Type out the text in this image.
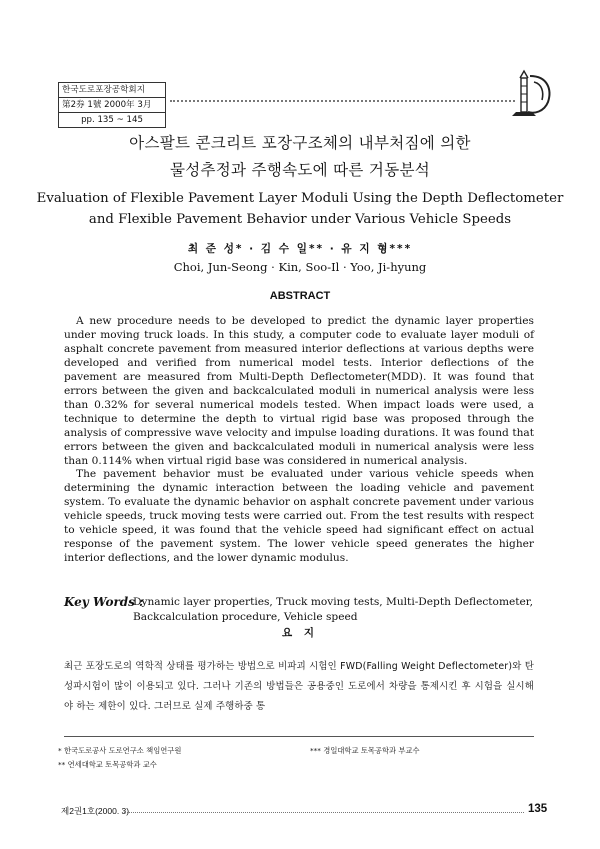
한국도로포장공학회지
第2券 1號 2000年 3月
pp. 135 ~ 145
아스팔트 콘크리트 포장구조체의 내부처짐에 의한
물성추정과 주행속도에 따른 거동분석
Evaluation of Flexible Pavement Layer Moduli Using the Depth Deflectometer
and Flexible Pavement Behavior under Various Vehicle Speeds
최 준 성* · 김 수 일** · 유 지 형***
Choi, Jun-Seong · Kin, Soo-Il · Yoo, Ji-hyung
ABSTRACT

A new procedure needs to be developed to predict the dynamic layer properties under moving truck loads. In this study, a computer code to evaluate layer moduli of asphalt concrete pavement from measured interior deflections at various depths were developed and verified from numerical model tests. Interior deflections of the pavement are measured from Multi-Depth Deflectometer(MDD). It was found that errors between the given and backcalculated moduli in numerical analysis were less than 0.32% for several numerical models tested. When impact loads were used, a technique to determine the depth to virtual rigid base was proposed through the analysis of compressive wave velocity and impulse loading durations. It was found that errors between the given and backcalculated moduli in numerical analysis were less than 0.114% when virtual rigid base was considered in numerical analysis.

The pavement behavior must be evaluated under various vehicle speeds when determining the dynamic interaction between the loading vehicle and pavement system. To evaluate the dynamic behavior on asphalt concrete pavement under various vehicle speeds, truck moving tests were carried out. From the test results with respect to vehicle speed, it was found that the vehicle speed had significant effect on actual response of the pavement system. The lower vehicle speed generates the higher interior deflections, and the lower dynamic modulus.

Key Words :
Dynamic layer properties, Truck moving tests, Multi-Depth Deflectometer, Backcalculation procedure, Vehicle speed
요 지
최근 포장도로의 역학적 상태를 평가하는 방법으로 비파괴 시험인 FWD(Falling Weight Deflectometer)와 탄성파시험이 많이 이용되고 있다. 그러나 기존의 방법들은 공용중인 도로에서 차량을 통제시킨 후 시험을 실시해야 하는 제한이 있다. 그러므로 실제 주행하중 통
* 한국도로공사 도로연구소 책임연구원	*** 경일대학교 토목공학과 부교수
** 연세대학교 토목공학과 교수
제2권1호(2000. 3)	135
